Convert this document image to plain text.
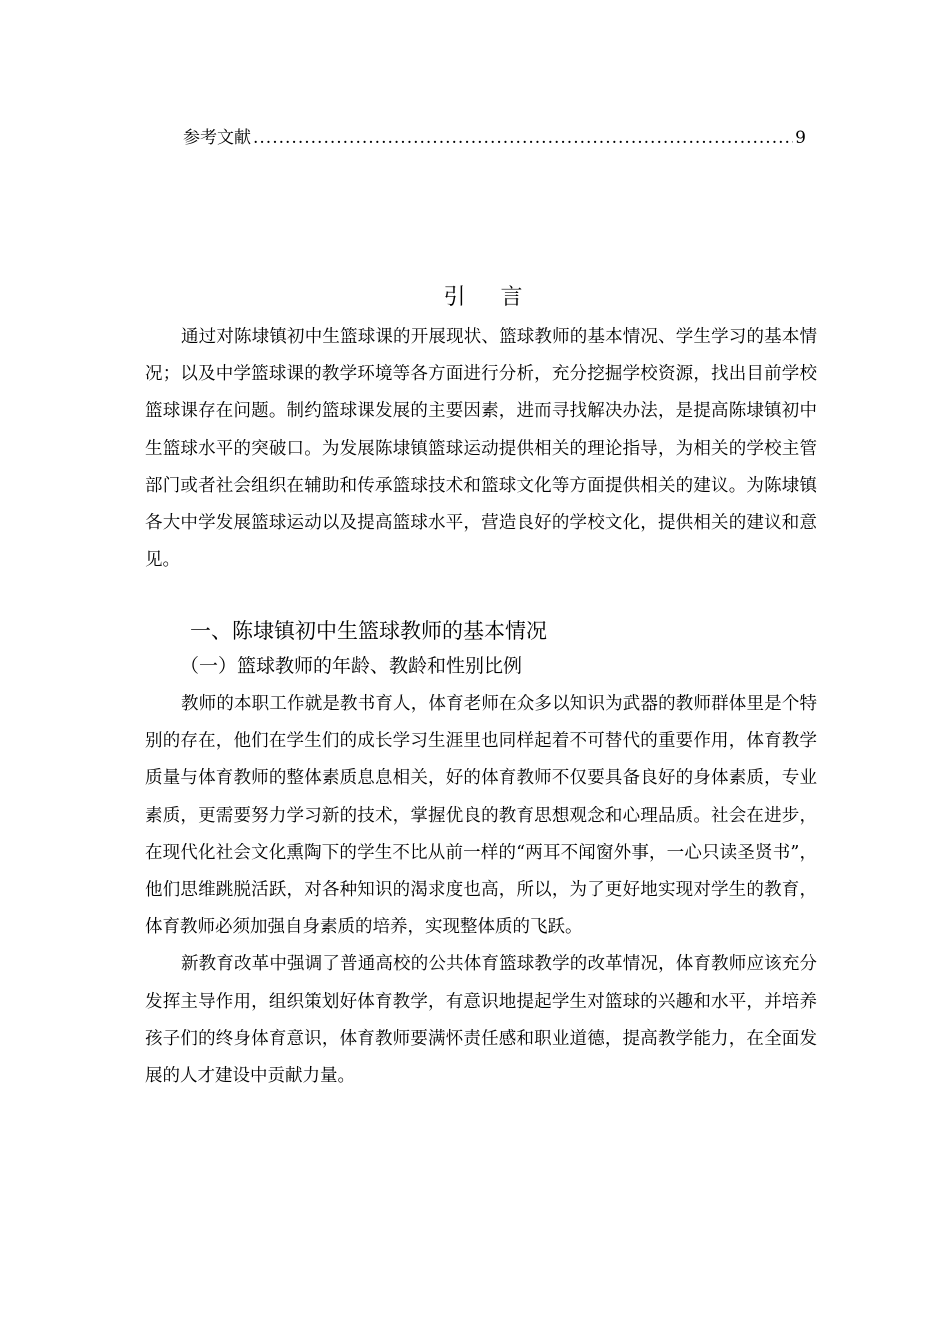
参考文献
.....	9
引 言

通过对陈埭镇初中生篮球课的开展现状、篮球教师的基本情况、学生学习的基本情况；以及中学篮球课的教学环境等各方面进行分析，充分挖掘学校资源，找出目前学校篮球课存在问题。制约篮球课发展的主要因素，进而寻找解决办法，是提高陈埭镇初中生篮球水平的突破口。为发展陈埭镇篮球运动提供相关的理论指导，为相关的学校主管部门或者社会组织在辅助和传承篮球技术和篮球文化等方面提供相关的建议。为陈埭镇各大中学发展篮球运动以及提高篮球水平，营造良好的学校文化，提供相关的建议和意见。

一、陈埭镇初中生篮球教师的基本情况
（一）篮球教师的年龄、教龄和性别比例

教师的本职工作就是教书育人，体育老师在众多以知识为武器的教师群体里是个特别的存在，他们在学生们的成长学习生涯里也同样起着不可替代的重要作用，体育教学质量与体育教师的整体素质息息相关，好的体育教师不仅要具备良好的身体素质，专业素质，更需要努力学习新的技术，掌握优良的教育思想观念和心理品质。社会在进步，在现代化社会文化熏陶下的学生不比从前一样的“两耳不闻窗外事，一心只读圣贤书”，他们思维跳脱活跃，对各种知识的渴求度也高，所以，为了更好地实现对学生的教育，体育教师必须加强自身素质的培养，实现整体质的飞跃。

新教育改革中强调了普通高校的公共体育篮球教学的改革情况，体育教师应该充分发挥主导作用，组织策划好体育教学，有意识地提起学生对篮球的兴趣和水平，并培养孩子们的终身体育意识，体育教师要满怀责任感和职业道德，提高教学能力，在全面发展的人才建设中贡献力量。
